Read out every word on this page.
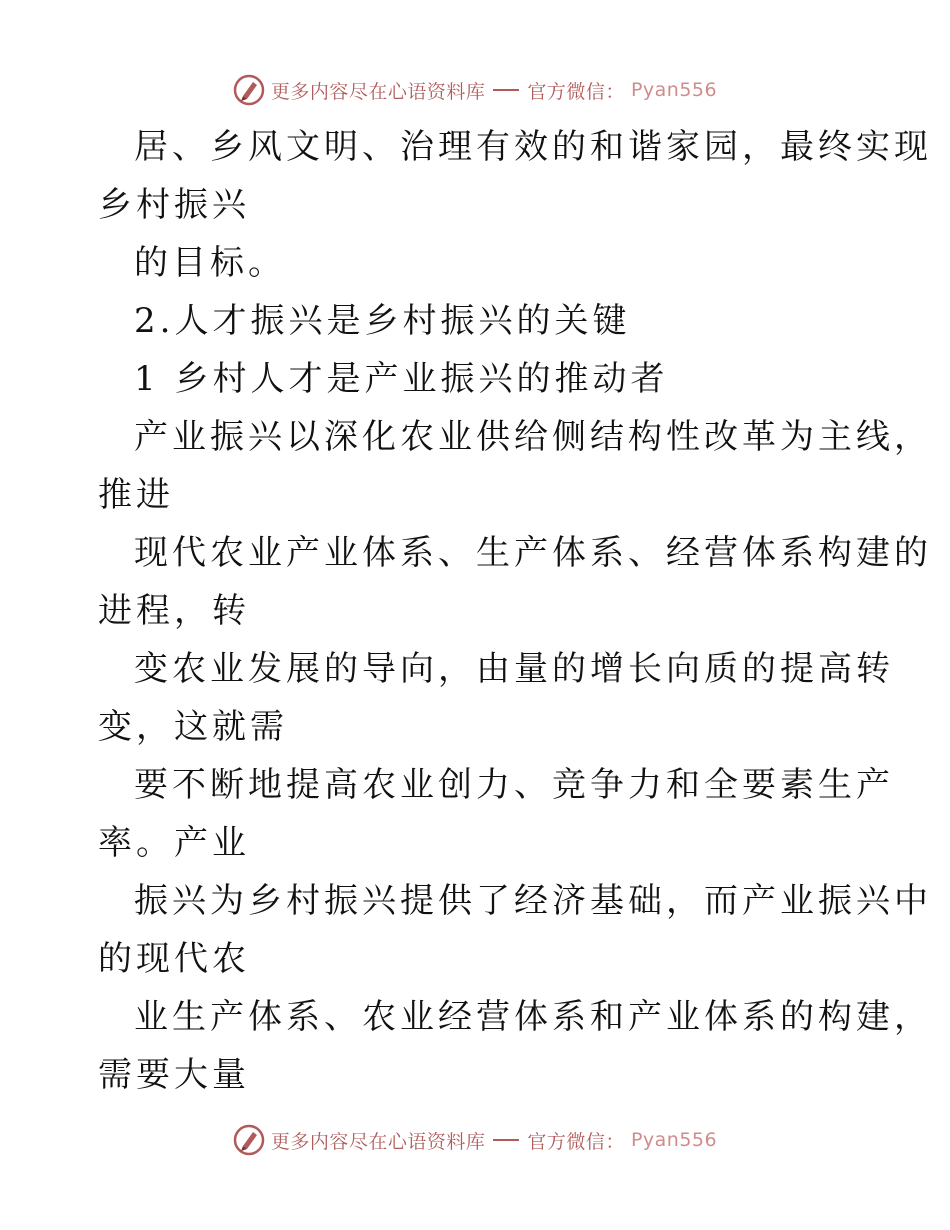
更多内容尽在心语资料库 官方微信： Pyan556
居、乡风文明、治理有效的和谐家园，最终实现
乡村振兴
的目标。
2.人才振兴是乡村振兴的关键
1 乡村人才是产业振兴的推动者
产业振兴以深化农业供给侧结构性改革为主线，
推进
现代农业产业体系、生产体系、经营体系构建的
进程，转
变农业发展的导向，由量的增长向质的提高转
变，这就需
要不断地提高农业创力、竞争力和全要素生产
率。产业
振兴为乡村振兴提供了经济基础，而产业振兴中
的现代农
业生产体系、农业经营体系和产业体系的构建，
需要大量
更多内容尽在心语资料库 官方微信： Pyan556
